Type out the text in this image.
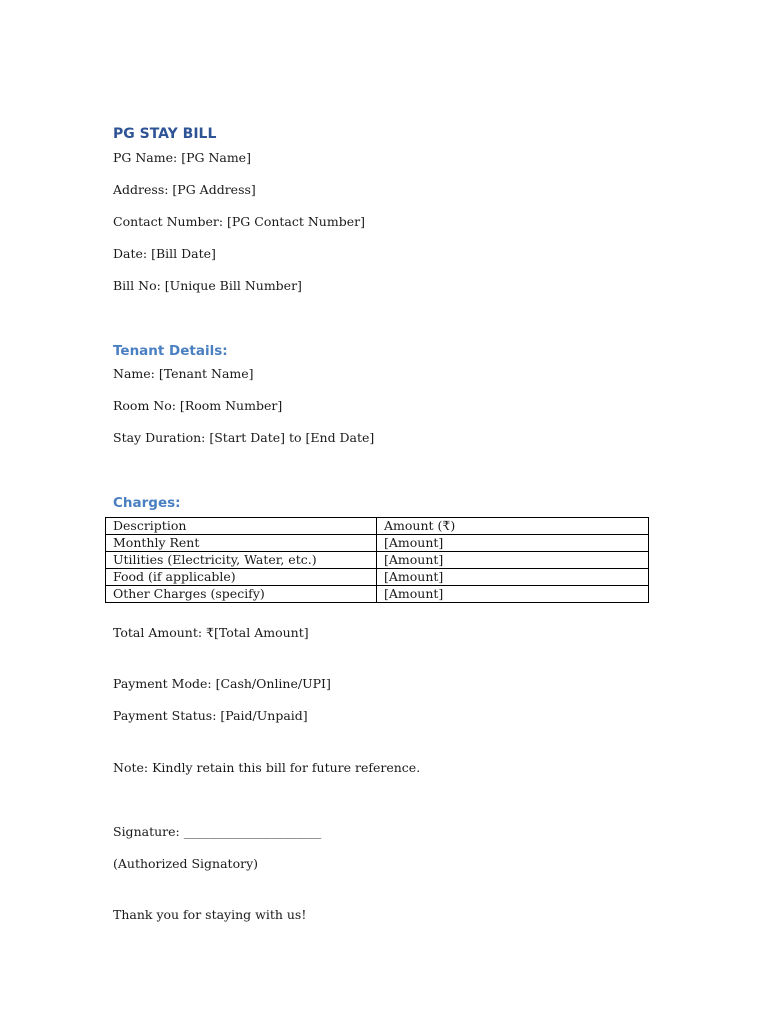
PG STAY BILL
PG Name: [PG Name]
Address: [PG Address]
Contact Number: [PG Contact Number]
Date: [Bill Date]
Bill No: [Unique Bill Number]
Tenant Details:
Name: [Tenant Name]
Room No: [Room Number]
Stay Duration: [Start Date] to [End Date]
Charges:
Description	Amount (₹)
Monthly Rent	[Amount]
Utilities (Electricity, Water, etc.)	[Amount]
Food (if applicable)	[Amount]
Other Charges (specify)	[Amount]
Total Amount: ₹[Total Amount]
Payment Mode: [Cash/Online/UPI]
Payment Status: [Paid/Unpaid]
Note: Kindly retain this bill for future reference.
Signature: ______________________
(Authorized Signatory)
Thank you for staying with us!
